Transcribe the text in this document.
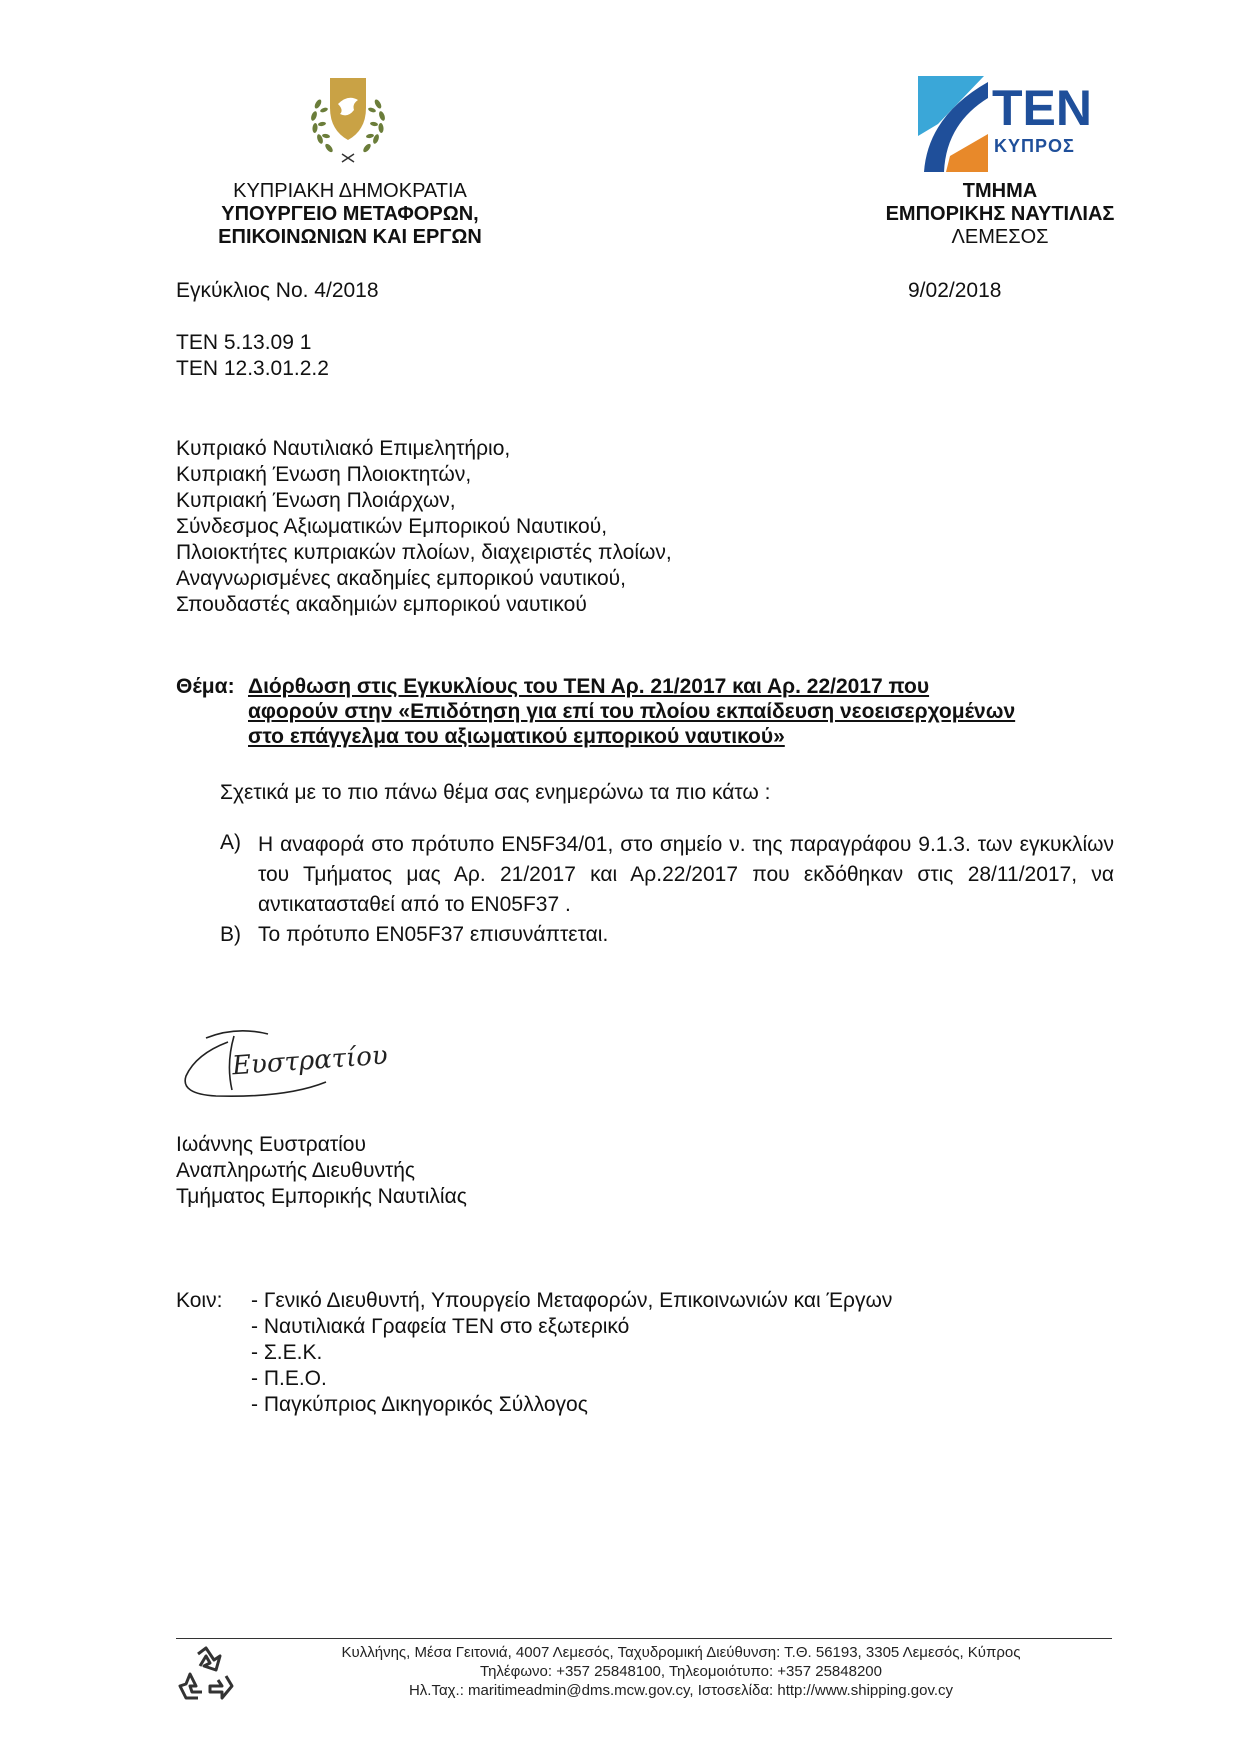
ΚΥΠΡΙΑΚΗ ΔΗΜΟΚΡΑΤΙΑ
ΥΠΟΥΡΓΕΙΟ ΜΕΤΑΦΟΡΩΝ,
ΕΠΙΚΟΙΝΩΝΙΩΝ ΚΑΙ ΕΡΓΩΝ
ΤΕΝ
ΚΥΠΡΟΣ
ΤΜΗΜΑ
ΕΜΠΟΡΙΚΗΣ ΝΑΥΤΙΛΙΑΣ
ΛΕΜΕΣΟΣ
Εγκύκλιος Νο. 4/2018	9/02/2018
ΤΕΝ 5.13.09 1
ΤΕΝ 12.3.01.2.2
Κυπριακό Ναυτιλιακό Επιμελητήριο,
Κυπριακή Ένωση Πλοιοκτητών,
Κυπριακή Ένωση Πλοιάρχων,
Σύνδεσμος Αξιωματικών Εμπορικού Ναυτικού,
Πλοιοκτήτες κυπριακών πλοίων, διαχειριστές πλοίων,
Αναγνωρισμένες ακαδημίες εμπορικού ναυτικού,
Σπουδαστές ακαδημιών εμπορικού ναυτικού
Θέμα: Διόρθωση στις Εγκυκλίους του ΤΕΝ Αρ. 21/2017 και Αρ. 22/2017 που
αφορούν στην «Επιδότηση για επί του πλοίου εκπαίδευση νεοεισερχομένων
στο επάγγελμα του αξιωματικού εμπορικού ναυτικού»
Σχετικά με το πιο πάνω θέμα σας ενημερώνω τα πιο κάτω :
Α) Η αναφορά στο πρότυπο ΕΝ5F34/01, στο σημείο ν. της παραγράφου 9.1.3. των εγκυκλίων του Τμήματος μας Αρ. 21/2017 και Αρ.22/2017 που εκδόθηκαν στις 28/11/2017, να αντικατασταθεί από το ΕΝ05F37 .
Β) Το πρότυπο ΕΝ05F37 επισυνάπτεται.
Ευστρατίου
Ιωάννης Ευστρατίου
Αναπληρωτής Διευθυντής
Τμήματος Εμπορικής Ναυτιλίας
Κοιν: - Γενικό Διευθυντή, Υπουργείο Μεταφορών, Επικοινωνιών και Έργων
- Ναυτιλιακά Γραφεία ΤΕΝ στο εξωτερικό
- Σ.Ε.Κ.
- Π.Ε.Ο.
- Παγκύπριος Δικηγορικός Σύλλογος
Κυλλήνης, Μέσα Γειτονιά, 4007 Λεμεσός, Ταχυδρομική Διεύθυνση: Τ.Θ. 56193, 3305 Λεμεσός, Κύπρος
Τηλέφωνο: +357 25848100, Τηλεομοιότυπο: +357 25848200
Ηλ.Ταχ.: maritimeadmin@dms.mcw.gov.cy, Ιστοσελίδα: http://www.shipping.gov.cy
